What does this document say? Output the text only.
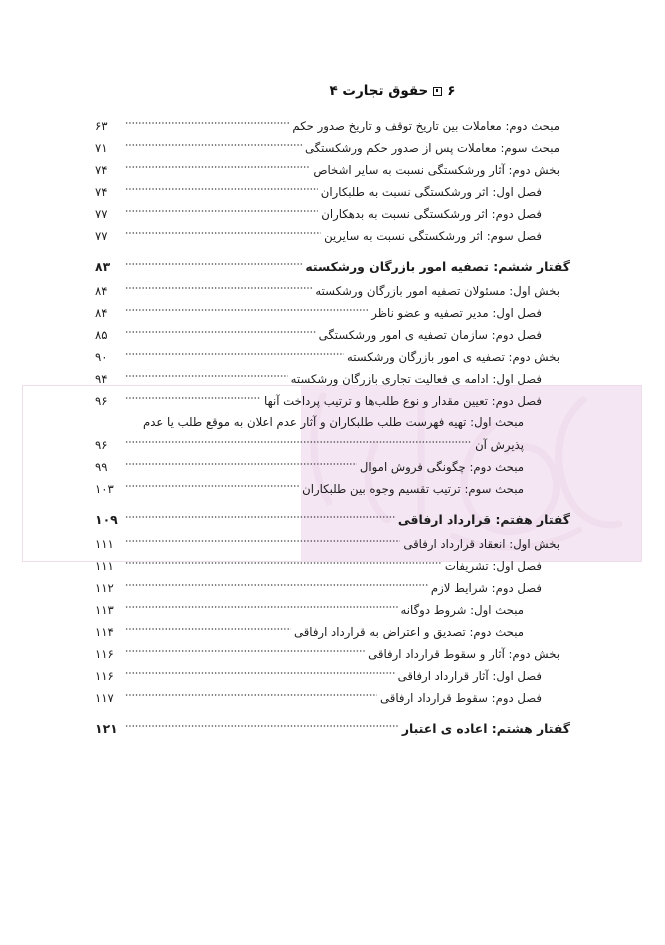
۶
حقوق تجارت ۴
مبحث دوم: معاملات بین تاریخ توقف و تاریخ صدور حکم
۶۳
مبحث سوم: معاملات پس از صدور حکم ورشکستگی
۷۱
بخش دوم: آثار ورشکستگی نسبت به سایر اشخاص
۷۴
فصل اول: اثر ورشکستگی نسبت به طلبکاران
۷۴
فصل دوم: اثر ورشکستگی نسبت به بدهکاران
۷۷
فصل سوم: اثر ورشکستگی نسبت به سایرین
۷۷
گفتار ششم: تصفیه امور بازرگان ورشکسته
۸۳
بخش اول: مسئولان تصفیه امور بازرگان ورشکسته
۸۴
فصل اول: مدیر تصفیه و عضو ناظر
۸۴
فصل دوم: سازمان تصفیه ی امور ورشکستگی
۸۵
بخش دوم: تصفیه ی امور بازرگان ورشکسته
۹۰
فصل اول: ادامه ی فعالیت تجاری بازرگان ورشکسته
۹۴
فصل دوم: تعیین مقدار و نوع طلب‌ها و ترتیب پرداخت آنها
۹۶
مبحث اول: تهیه فهرست طلب طلبکاران و آثار عدم اعلان به موقع طلب یا عدم
پذیرش آن
۹۶
مبحث دوم: چگونگی فروش اموال
۹۹
مبحث سوم: ترتیب تقسیم وجوه بین طلبکاران
۱۰۳
گفتار هفتم: قرارداد ارفاقی
۱۰۹
بخش اول: انعقاد قرارداد ارفاقی
۱۱۱
فصل اول: تشریفات
۱۱۱
فصل دوم: شرایط لازم
۱۱۲
مبحث اول: شروط دوگانه
۱۱۳
مبحث دوم: تصدیق و اعتراض به قرارداد ارفاقی
۱۱۴
بخش دوم: آثار و سقوط قرارداد ارفاقی
۱۱۶
فصل اول: آثار قرارداد ارفاقی
۱۱۶
فصل دوم: سقوط قرارداد ارفاقی
۱۱۷
گفتار هشتم: اعاده ی اعتبار
۱۲۱
